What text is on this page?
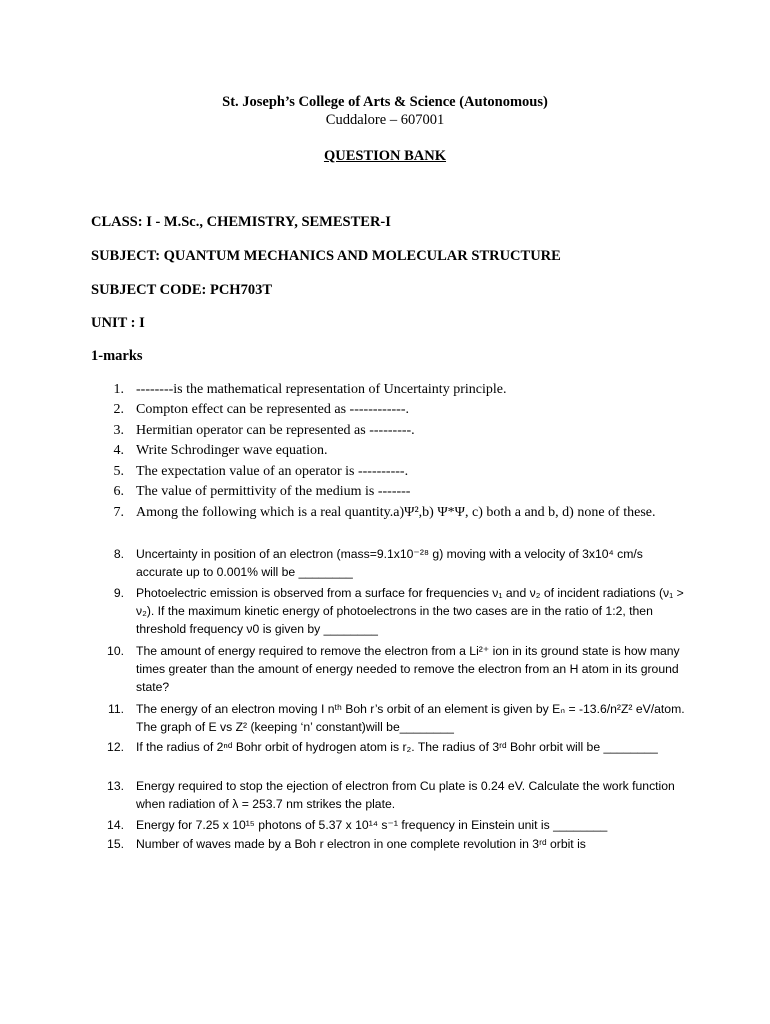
St. Joseph’s College of Arts & Science (Autonomous)
Cuddalore – 607001
QUESTION BANK
CLASS: I - M.Sc., CHEMISTRY, SEMESTER-I
SUBJECT: QUANTUM MECHANICS AND MOLECULAR STRUCTURE
SUBJECT CODE: PCH703T
UNIT : I
1-marks
1. --------is the mathematical representation of Uncertainty principle.
2. Compton effect can be represented as ------------.
3. Hermitian operator can be represented as ---------.
4. Write Schrodinger wave equation.
5. The expectation value of an operator is ----------.
6. The value of permittivity of the medium is -------
7. Among the following which is a real quantity.a)Ψ²,b) Ψ*Ψ, c) both a and b, d) none of these.
8. Uncertainty in position of an electron (mass=9.1x10⁻²⁸ g) moving with a velocity of 3x10⁴ cm/s accurate up to 0.001% will be ________
9. Photoelectric emission is observed from a surface for frequencies ν₁ and ν₂ of incident radiations (ν₁ > ν₂). If the maximum kinetic energy of photoelectrons in the two cases are in the ratio of 1:2, then threshold frequency ν0 is given by ________
10. The amount of energy required to remove the electron from a Li²⁺ ion in its ground state is how many times greater than the amount of energy needed to remove the electron from an H atom in its ground state?
11. The energy of an electron moving I nᵗʰ Boh r’s orbit of an element is given by Eₙ = -13.6/n²Z² eV/atom. The graph of E vs Z² (keeping ‘n’ constant)will be________
12. If the radius of 2ⁿᵈ Bohr orbit of hydrogen atom is r₂. The radius of 3ʳᵈ Bohr orbit will be ________
13. Energy required to stop the ejection of electron from Cu plate is 0.24 eV. Calculate the work function when radiation of λ = 253.7 nm strikes the plate.
14. Energy for 7.25 x 10¹⁵ photons of 5.37 x 10¹⁴ s⁻¹ frequency in Einstein unit is ________
15. Number of waves made by a Boh r electron in one complete revolution in 3ʳᵈ orbit is
